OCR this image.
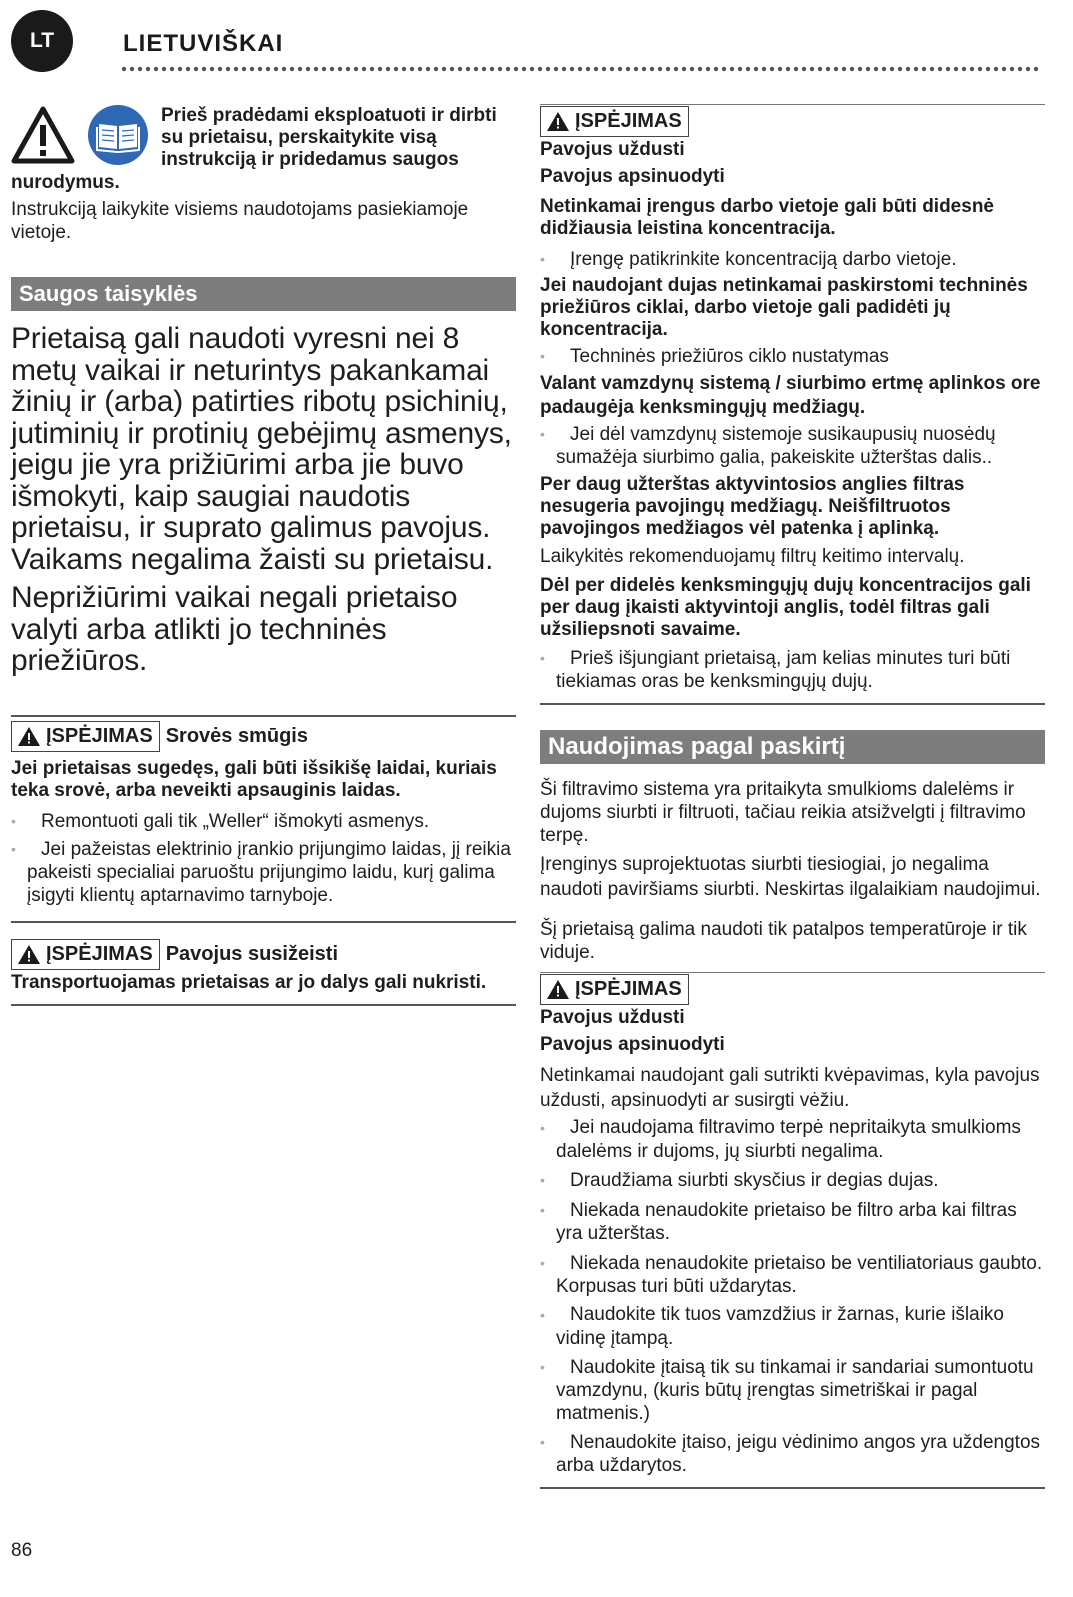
LT	LIETUVIŠKAI
Prieš pradėdami eksploatuoti ir dirbti su prietaisu, perskaitykite visą instrukciją ir pridedamus saugos
nurodymus.

Instrukciją laikykite visiems naudotojams pasiekiamoje vietoje.

Saugos taisyklės

Prietaisą gali naudoti vyresni nei 8 metų vaikai ir neturintys pakankamai žinių ir (arba) patirties ribotų psichinių, jutiminių ir protinių gebėjimų asmenys, jeigu jie yra prižiūrimi arba jie buvo išmokyti, kaip saugiai naudotis prietaisu, ir suprato galimus pavojus. Vaikams negalima žaisti su prietaisu.

Neprižiūrimi vaikai negali prietaiso valyti arba atlikti jo techninės priežiūros.

ĮSPĖJIMAS Srovės smūgis

Jei prietaisas sugedęs, gali būti išsikišę laidai, kuriais teka srovė, arba neveikti apsauginis laidas.

•	Remontuoti gali tik „Weller“ išmokyti asmenys.

•	Jei pažeistas elektrinio įrankio prijungimo laidas, jį reikia pakeisti specialiai paruoštu prijungimo laidu, kurį galima įsigyti klientų aptarnavimo tarnyboje.

ĮSPĖJIMAS Pavojus susižeisti

Transportuojamas prietaisas ar jo dalys gali nukristi.

ĮSPĖJIMAS

Pavojus uždusti

Pavojus apsinuodyti

Netinkamai įrengus darbo vietoje gali būti didesnė didžiausia leistina koncentracija.

•	Įrengę patikrinkite koncentraciją darbo vietoje.

Jei naudojant dujas netinkamai paskirstomi techninės priežiūros ciklai, darbo vietoje gali padidėti jų koncentracija.

•	Techninės priežiūros ciklo nustatymas

Valant vamzdynų sistemą / siurbimo ertmę aplinkos ore padaugėja kenksmingųjų medžiagų.

•	Jei dėl vamzdynų sistemoje susikaupusių nuosėdų sumažėja siurbimo galia, pakeiskite užterštas dalis..

Per daug užterštas aktyvintosios anglies filtras nesugeria pavojingų medžiagų. Neišfiltruotos pavojingos medžiagos vėl patenka į aplinką.

Laikykitės rekomenduojamų filtrų keitimo intervalų.

Dėl per didelės kenksmingųjų dujų koncentracijos gali per daug įkaisti aktyvintoji anglis, todėl filtras gali užsiliepsnoti savaime.

•	Prieš išjungiant prietaisą, jam kelias minutes turi būti tiekiamas oras be kenksmingųjų dujų.

Naudojimas pagal paskirtį

Ši filtravimo sistema yra pritaikyta smulkioms dalelėms ir dujoms siurbti ir filtruoti, tačiau reikia atsižvelgti į filtravimo terpę.

Įrenginys suprojektuotas siurbti tiesiogiai, jo negalima naudoti paviršiams siurbti. Neskirtas ilgalaikiam naudojimui.

Šį prietaisą galima naudoti tik patalpos temperatūroje ir tik viduje.

ĮSPĖJIMAS

Pavojus uždusti

Pavojus apsinuodyti

Netinkamai naudojant gali sutrikti kvėpavimas, kyla pavojus uždusti, apsinuodyti ar susirgti vėžiu.

•	Jei naudojama filtravimo terpė nepritaikyta smulkioms dalelėms ir dujoms, jų siurbti negalima.

•	Draudžiama siurbti skysčius ir degias dujas.

•	Niekada nenaudokite prietaiso be filtro arba kai filtras yra užterštas.

•	Niekada nenaudokite prietaiso be ventiliatoriaus gaubto. Korpusas turi būti uždarytas.

•	Naudokite tik tuos vamzdžius ir žarnas, kurie išlaiko vidinę įtampą.

•	Naudokite įtaisą tik su tinkamai ir sandariai sumontuotu vamzdynu, (kuris būtų įrengtas simetriškai ir pagal matmenis.)

•	Nenaudokite įtaiso, jeigu vėdinimo angos yra uždengtos arba uždarytos.

86
